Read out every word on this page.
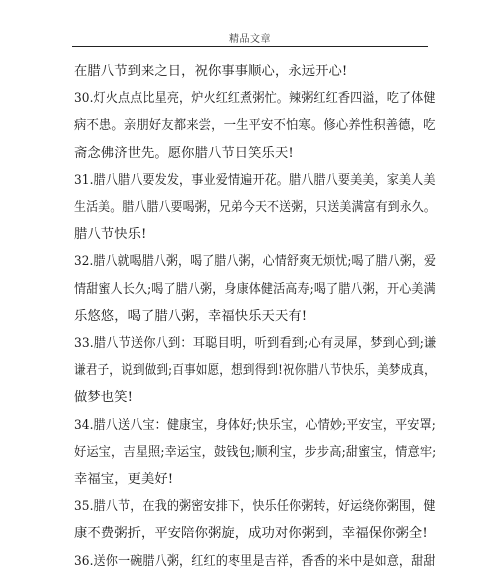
精品文章

在腊八节到来之日，祝你事事顺心，永远开心!

30.灯火点点比星亮，炉火红红煮粥忙。辣粥红红香四溢，吃了体健
病不患。亲朋好友都来尝，一生平安不怕寒。修心养性积善德，吃
斋念佛济世先。愿你腊八节日笑乐天!

31.腊八腊八要发发，事业爱情遍开花。腊八腊八要美美，家美人美
生活美。腊八腊八要喝粥，兄弟今天不送粥，只送美满富有到永久。
腊八节快乐!

32.腊八就喝腊八粥，喝了腊八粥，心情舒爽无烦忧;喝了腊八粥，爱
情甜蜜人长久;喝了腊八粥，身康体健活高寿;喝了腊八粥，开心美满
乐悠悠，喝了腊八粥，幸福快乐天天有!

33.腊八节送你八到：耳聪目明，听到看到;心有灵犀，梦到心到;谦
谦君子，说到做到;百事如愿，想到得到!祝你腊八节快乐，美梦成真，
做梦也笑!

34.腊八送八宝：健康宝，身体好;快乐宝，心情妙;平安宝，平安罩;
好运宝，吉星照;幸运宝，鼓钱包;顺利宝，步步高;甜蜜宝，情意牢;
幸福宝，更美好!

35.腊八节，在我的粥密安排下，快乐任你粥转，好运绕你粥围，健
康不费粥折，平安陪你粥旋，成功对你粥到，幸福保你粥全!

36.送你一碗腊八粥，红红的枣里是吉祥，香香的米中是如意，甜甜
